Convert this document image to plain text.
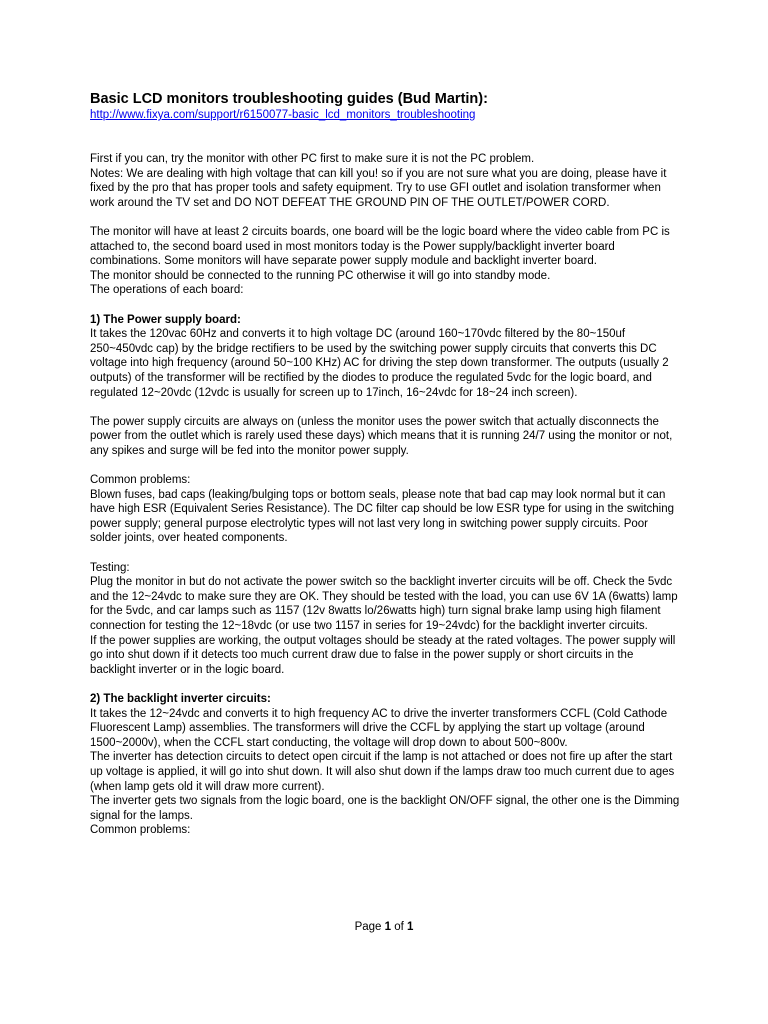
Basic LCD monitors troubleshooting guides (Bud Martin):
http://www.fixya.com/support/r6150077-basic_lcd_monitors_troubleshooting

First if you can, try the monitor with other PC first to make sure it is not the PC problem.

Notes: We are dealing with high voltage that can kill you! so if you are not sure what you are doing, please have it fixed by the pro that has proper tools and safety equipment. Try to use GFI outlet and isolation transformer when work around the TV set and DO NOT DEFEAT THE GROUND PIN OF THE OUTLET/POWER CORD.

The monitor will have at least 2 circuits boards, one board will be the logic board where the video cable from PC is attached to, the second board used in most monitors today is the Power supply/backlight inverter board combinations. Some monitors will have separate power supply module and backlight inverter board.

The monitor should be connected to the running PC otherwise it will go into standby mode.

The operations of each board:

1) The Power supply board:

It takes the 120vac 60Hz and converts it to high voltage DC (around 160~170vdc filtered by the 80~150uf 250~450vdc cap) by the bridge rectifiers to be used by the switching power supply circuits that converts this DC voltage into high frequency (around 50~100 KHz) AC for driving the step down transformer. The outputs (usually 2 outputs) of the transformer will be rectified by the diodes to produce the regulated 5vdc for the logic board, and regulated 12~20vdc (12vdc is usually for screen up to 17inch, 16~24vdc for 18~24 inch screen).

The power supply circuits are always on (unless the monitor uses the power switch that actually disconnects the power from the outlet which is rarely used these days) which means that it is running 24/7 using the monitor or not, any spikes and surge will be fed into the monitor power supply.

Common problems:

Blown fuses, bad caps (leaking/bulging tops or bottom seals, please note that bad cap may look normal but it can have high ESR (Equivalent Series Resistance). The DC filter cap should be low ESR type for using in the switching power supply; general purpose electrolytic types will not last very long in switching power supply circuits. Poor solder joints, over heated components.

Testing:

Plug the monitor in but do not activate the power switch so the backlight inverter circuits will be off. Check the 5vdc and the 12~24vdc to make sure they are OK. They should be tested with the load, you can use 6V 1A (6watts) lamp for the 5vdc, and car lamps such as 1157 (12v 8watts lo/26watts high) turn signal brake lamp using high filament connection for testing the 12~18vdc (or use two 1157 in series for 19~24vdc) for the backlight inverter circuits.

If the power supplies are working, the output voltages should be steady at the rated voltages. The power supply will go into shut down if it detects too much current draw due to false in the power supply or short circuits in the backlight inverter or in the logic board.

2) The backlight inverter circuits:

It takes the 12~24vdc and converts it to high frequency AC to drive the inverter transformers CCFL (Cold Cathode Fluorescent Lamp) assemblies. The transformers will drive the CCFL by applying the start up voltage (around 1500~2000v), when the CCFL start conducting, the voltage will drop down to about 500~800v.

The inverter has detection circuits to detect open circuit if the lamp is not attached or does not fire up after the start up voltage is applied, it will go into shut down. It will also shut down if the lamps draw too much current due to ages (when lamp gets old it will draw more current).

The inverter gets two signals from the logic board, one is the backlight ON/OFF signal, the other one is the Dimming signal for the lamps.

Common problems:

Page 1 of 1
